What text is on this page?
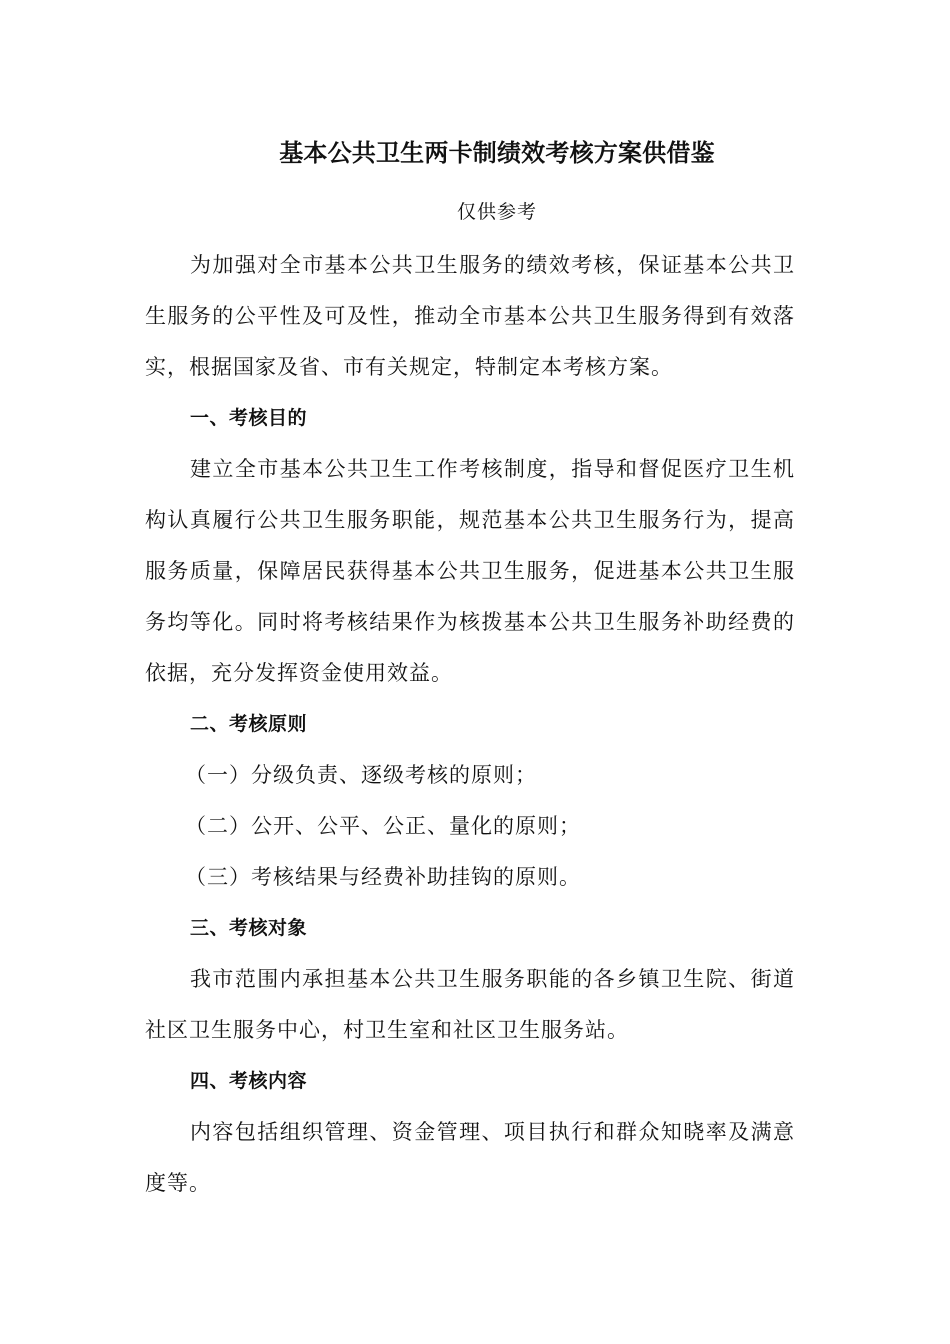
基本公共卫生两卡制绩效考核方案供借鉴
仅供参考

为加强对全市基本公共卫生服务的绩效考核，保证基本公共卫生服务的公平性及可及性，推动全市基本公共卫生服务得到有效落实，根据国家及省、市有关规定，特制定本考核方案。

一、考核目的

建立全市基本公共卫生工作考核制度，指导和督促医疗卫生机构认真履行公共卫生服务职能，规范基本公共卫生服务行为，提高服务质量，保障居民获得基本公共卫生服务，促进基本公共卫生服务均等化。同时将考核结果作为核拨基本公共卫生服务补助经费的依据，充分发挥资金使用效益。

二、考核原则

（一）分级负责、逐级考核的原则；

（二）公开、公平、公正、量化的原则；

（三）考核结果与经费补助挂钩的原则。

三、考核对象

我市范围内承担基本公共卫生服务职能的各乡镇卫生院、街道社区卫生服务中心，村卫生室和社区卫生服务站。

四、考核内容

内容包括组织管理、资金管理、项目执行和群众知晓率及满意度等。
